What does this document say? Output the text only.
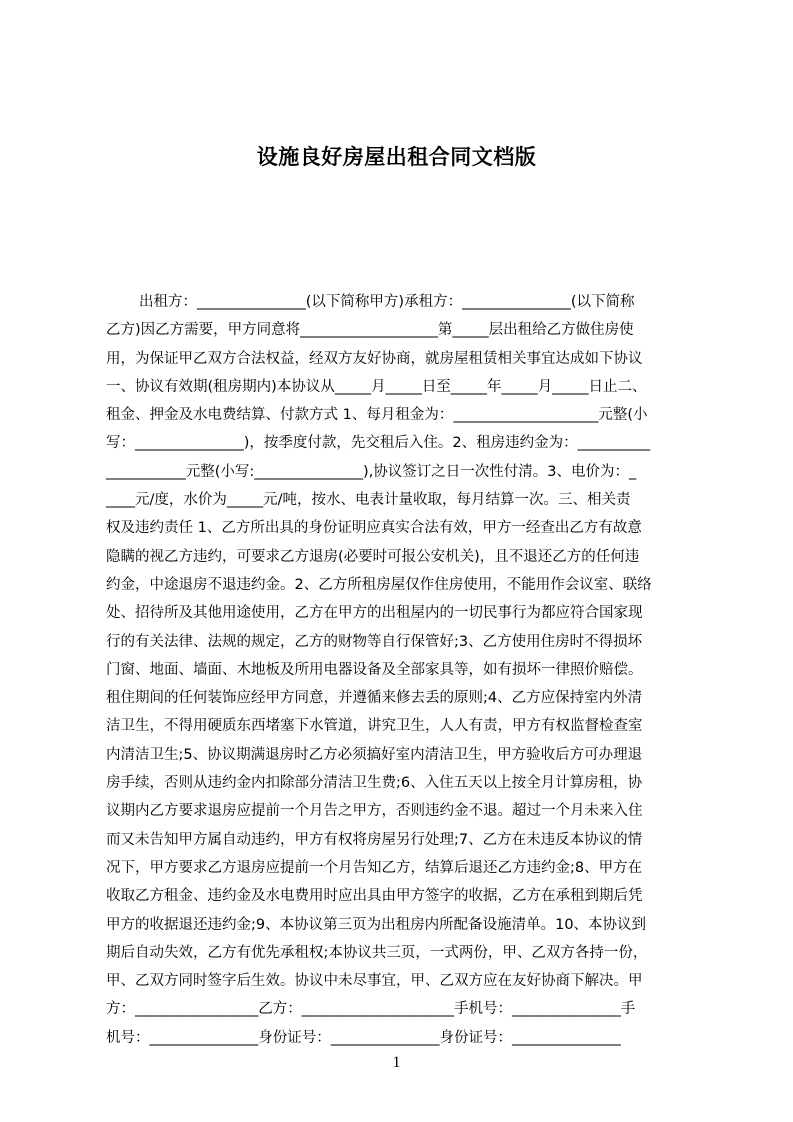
设施良好房屋出租合同文档版
出租方：_______________(以下简称甲方)承租方：_______________(以下简称
乙方)因乙方需要，甲方同意将___________________第_____层出租给乙方做住房使
用，为保证甲乙双方合法权益，经双方友好协商，就房屋租赁相关事宜达成如下协议
一、协议有效期(租房期内)本协议从_____月_____日至_____年_____月_____日止二、
租金、押金及水电费结算、付款方式 1、每月租金为：____________________元整(小
写：_______________)，按季度付款，先交租后入住。2、租房违约金为：__________
___________元整(小写:_______________),协议签订之日一次性付清。3、电价为：_
____元/度，水价为_____元/吨，按水、电表计量收取，每月结算一次。三、相关责
权及违约责任 1、乙方所出具的身份证明应真实合法有效，甲方一经查出乙方有故意
隐瞒的视乙方违约，可要求乙方退房(必要时可报公安机关)，且不退还乙方的任何违
约金，中途退房不退违约金。2、乙方所租房屋仅作住房使用，不能用作会议室、联络
处、招待所及其他用途使用，乙方在甲方的出租屋内的一切民事行为都应符合国家现
行的有关法律、法规的规定，乙方的财物等自行保管好;3、乙方使用住房时不得损坏
门窗、地面、墙面、木地板及所用电器设备及全部家具等，如有损坏一律照价赔偿。
租住期间的任何装饰应经甲方同意，并遵循来修去丢的原则;4、乙方应保持室内外清
洁卫生，不得用硬质东西堵塞下水管道，讲究卫生，人人有责，甲方有权监督检查室
内清洁卫生;5、协议期满退房时乙方必须搞好室内清洁卫生，甲方验收后方可办理退
房手续，否则从违约金内扣除部分清洁卫生费;6、入住五天以上按全月计算房租，协
议期内乙方要求退房应提前一个月告之甲方，否则违约金不退。超过一个月未来入住
而又未告知甲方属自动违约，甲方有权将房屋另行处理;7、乙方在未违反本协议的情
况下，甲方要求乙方退房应提前一个月告知乙方，结算后退还乙方违约金;8、甲方在
收取乙方租金、违约金及水电费用时应出具由甲方签字的收据，乙方在承租到期后凭
甲方的收据退还违约金;9、本协议第三页为出租房内所配备设施清单。10、本协议到
期后自动失效，乙方有优先承租权;本协议共三页，一式两份，甲、乙双方各持一份，
甲、乙双方同时签字后生效。协议中未尽事宜，甲、乙双方应在友好协商下解决。甲
方：_________________乙方：_____________________手机号：_______________手
机号：_______________身份证号：_______________身份证号：_______________
1
